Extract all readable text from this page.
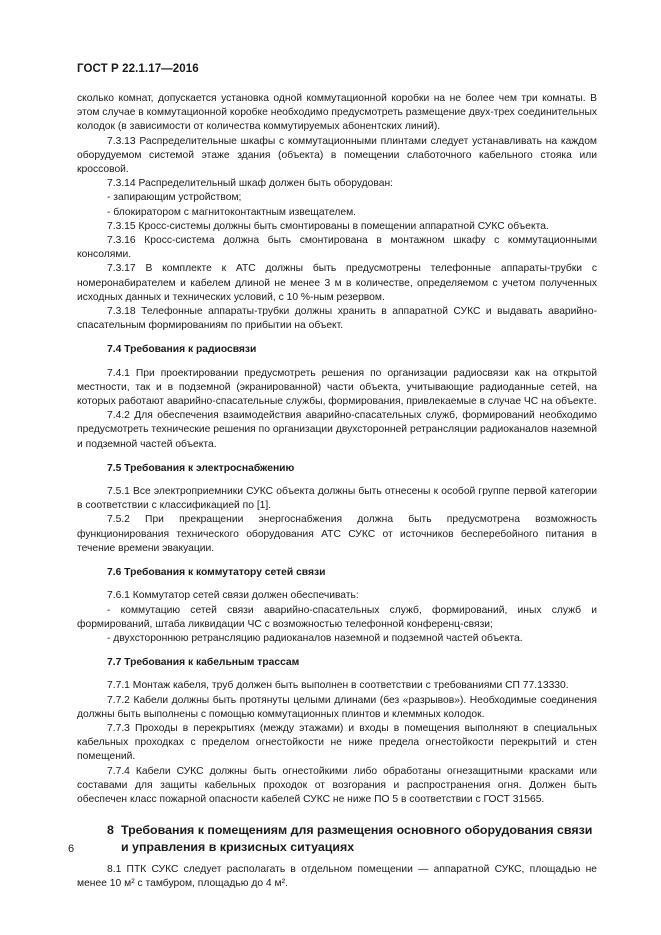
ГОСТ Р 22.1.17—2016

сколько комнат, допускается установка одной коммутационной коробки на не более чем три комнаты. В этом случае в коммутационной коробке необходимо предусмотреть размещение двух-трех соединительных колодок (в зависимости от количества коммутируемых абонентских линий).

7.3.13 Распределительные шкафы с коммутационными плинтами следует устанавливать на каждом оборудуемом системой этаже здания (объекта) в помещении слаботочного кабельного стояка или кроссовой.

7.3.14 Распределительный шкаф должен быть оборудован:

- запирающим устройством;

- блокиратором с магнитоконтактным извещателем.

7.3.15 Кросс-системы должны быть смонтированы в помещении аппаратной СУКС объекта.

7.3.16 Кросс-система должна быть смонтирована в монтажном шкафу с коммутационными консолями.

7.3.17 В комплекте к АТС должны быть предусмотрены телефонные аппараты-трубки с номеронабирателем и кабелем длиной не менее 3 м в количестве, определяемом с учетом полученных исходных данных и технических условий, с 10 %-ным резервом.

7.3.18 Телефонные аппараты-трубки должны хранить в аппаратной СУКС и выдавать аварийно-спасательным формированиям по прибытии на объект.

7.4 Требования к радиосвязи

7.4.1 При проектировании предусмотреть решения по организации радиосвязи как на открытой местности, так и в подземной (экранированной) части объекта, учитывающие радиоданные сетей, на которых работают аварийно-спасательные службы, формирования, привлекаемые в случае ЧС на объекте.

7.4.2 Для обеспечения взаимодействия аварийно-спасательных служб, формирований необходимо предусмотреть технические решения по организации двухсторонней ретрансляции радиоканалов наземной и подземной частей объекта.

7.5 Требования к электроснабжению

7.5.1 Все электроприемники СУКС объекта должны быть отнесены к особой группе первой категории в соответствии с классификацией по [1].

7.5.2 При прекращении энергоснабжения должна быть предусмотрена возможность функционирования технического оборудования АТС СУКС от источников бесперебойного питания в течение времени эвакуации.

7.6 Требования к коммутатору сетей связи

7.6.1 Коммутатор сетей связи должен обеспечивать:

- коммутацию сетей связи аварийно-спасательных служб, формирований, иных служб и формирований, штаба ликвидации ЧС с возможностью телефонной конференц-связи;

- двухстороннюю ретрансляцию радиоканалов наземной и подземной частей объекта.

7.7 Требования к кабельным трассам

7.7.1 Монтаж кабеля, труб должен быть выполнен в соответствии с требованиями СП 77.13330.

7.7.2 Кабели должны быть протянуты целыми длинами (без «разрывов»). Необходимые соединения должны быть выполнены с помощью коммутационных плинтов и клеммных колодок.

7.7.3 Проходы в перекрытиях (между этажами) и входы в помещения выполняют в специальных кабельных проходках с пределом огнестойкости не ниже предела огнестойкости перекрытий и стен помещений.

7.7.4 Кабели СУКС должны быть огнестойкими либо обработаны огнезащитными красками или составами для защиты кабельных проходок от возгорания и распространения огня. Должен быть обеспечен класс пожарной опасности кабелей СУКС не ниже ПО 5 в соответствии с ГОСТ 31565.

8 Требования к помещениям для размещения основного оборудования связи и управления в кризисных ситуациях

8.1 ПТК СУКС следует располагать в отдельном помещении — аппаратной СУКС, площадью не менее 10 м² с тамбуром, площадью до 4 м².

6
